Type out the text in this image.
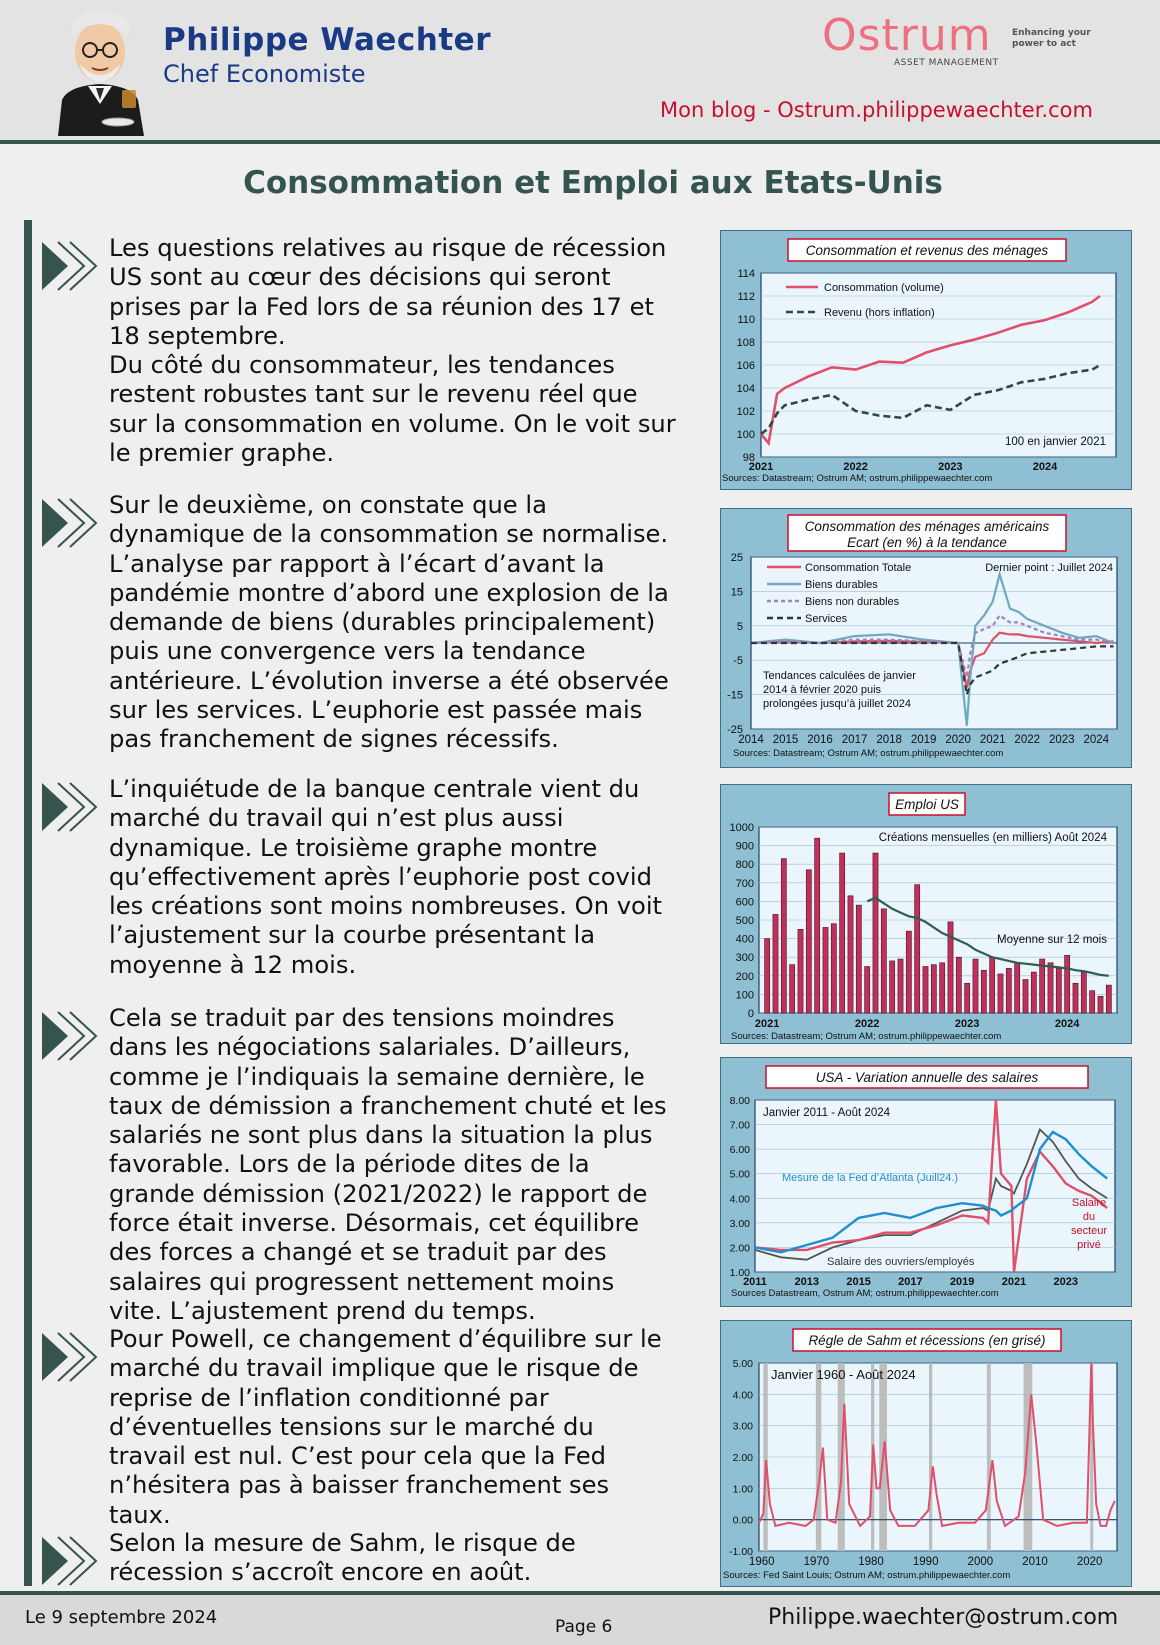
Philippe Waechter
Chef Economiste
Ostrum
ASSET MANAGEMENT
Enhancing your power to act
Mon blog - Ostrum.philippewaechter.com
Consommation et Emploi aux Etats-Unis
Les questions relatives au risque de récession
US sont au cœur des décisions qui seront
prises par la Fed lors de sa réunion des 17 et
18 septembre.
Du côté du consommateur, les tendances
restent robustes tant sur le revenu réel que
sur la consommation en volume. On le voit sur
le premier graphe.
Sur le deuxième, on constate que la
dynamique de la consommation se normalise.
L’analyse par rapport à l’écart d’avant la
pandémie montre d’abord une explosion de la
demande de biens (durables principalement)
puis une convergence vers la tendance
antérieure. L’évolution inverse a été observée
sur les services. L’euphorie est passée mais
pas franchement de signes récessifs.
L’inquiétude de la banque centrale vient du
marché du travail qui n’est plus aussi
dynamique. Le troisième graphe montre
qu’effectivement après l’euphorie post covid
les créations sont moins nombreuses. On voit
l’ajustement sur la courbe présentant la
moyenne à 12 mois.
Cela se traduit par des tensions moindres
dans les négociations salariales. D’ailleurs,
comme je l’indiquais la semaine dernière, le
taux de démission a franchement chuté et les
salariés ne sont plus dans la situation la plus
favorable. Lors de la période dites de la
grande démission (2021/2022) le rapport de
force était inverse. Désormais, cet équilibre
des forces a changé et se traduit par des
salaires qui progressent nettement moins
vite. L’ajustement prend du temps.
Pour Powell, ce changement d’équilibre sur le
marché du travail implique que le risque de
reprise de l’inflation conditionné par
d’éventuelles tensions sur le marché du
travail est nul. C’est pour cela que la Fed
n’hésitera pas à baisser franchement ses
taux.
Selon la mesure de Sahm, le risque de
récession s’accroît encore en août.
Consommation et revenus des ménages
98
100
102
104
106
108
110
112
114
2021	2022	2023	2024
Consommation (volume)
Revenu (hors inflation)
100 en janvier 2021
Sources: Datastream; Ostrum AM; ostrum.philippewaechter.com
Consommation des ménages américains
Ecart (en %) à la tendance
-25
-15
-5
5
15
25
2014 2015 2016 2017 2018 2019 2020 2021 2022 2023 2024
Consommation Totale
Biens durables
Biens non durables
Services
Dernier point : Juillet 2024
Tendances calculées de janvier
2014 à février 2020 puis
prolongées jusqu’à juillet 2024
Sources: Datastream; Ostrum AM; ostrum.philippewaechter.com
Emploi US
0
100
200
300
400
500
600
700
800
900
1000
2021	2022	2023	2024
Créations mensuelles (en milliers) Août 2024
Moyenne sur 12 mois
Sources: Datastream; Ostrum AM; ostrum.philippewaechter.com
USA - Variation annuelle des salaires
1.00
2.00
3.00
4.00
5.00
6.00
7.00
8.00
2011	2013 2015 2017 2019 2021 2023
Janvier 2011 - Août 2024
Mesure de la Fed d’Atlanta (Juill24.)
Salaire
du
secteur
privé
Salaire des ouvriers/employés
Sources Datastream, Ostrum AM; ostrum.philippewaechter.com
Régle de Sahm et récessions (en grisé)
-1.00
0.00
1.00
2.00
3.00
4.00
5.00
1960	1970	1980	1990	2000	2010	2020
Janvier 1960 - Août 2024
Sources: Fed Saint Louis; Ostrum AM; ostrum.philippewaechter.com
Le 9 septembre 2024	Page 6	Philippe.waechter@ostrum.com
